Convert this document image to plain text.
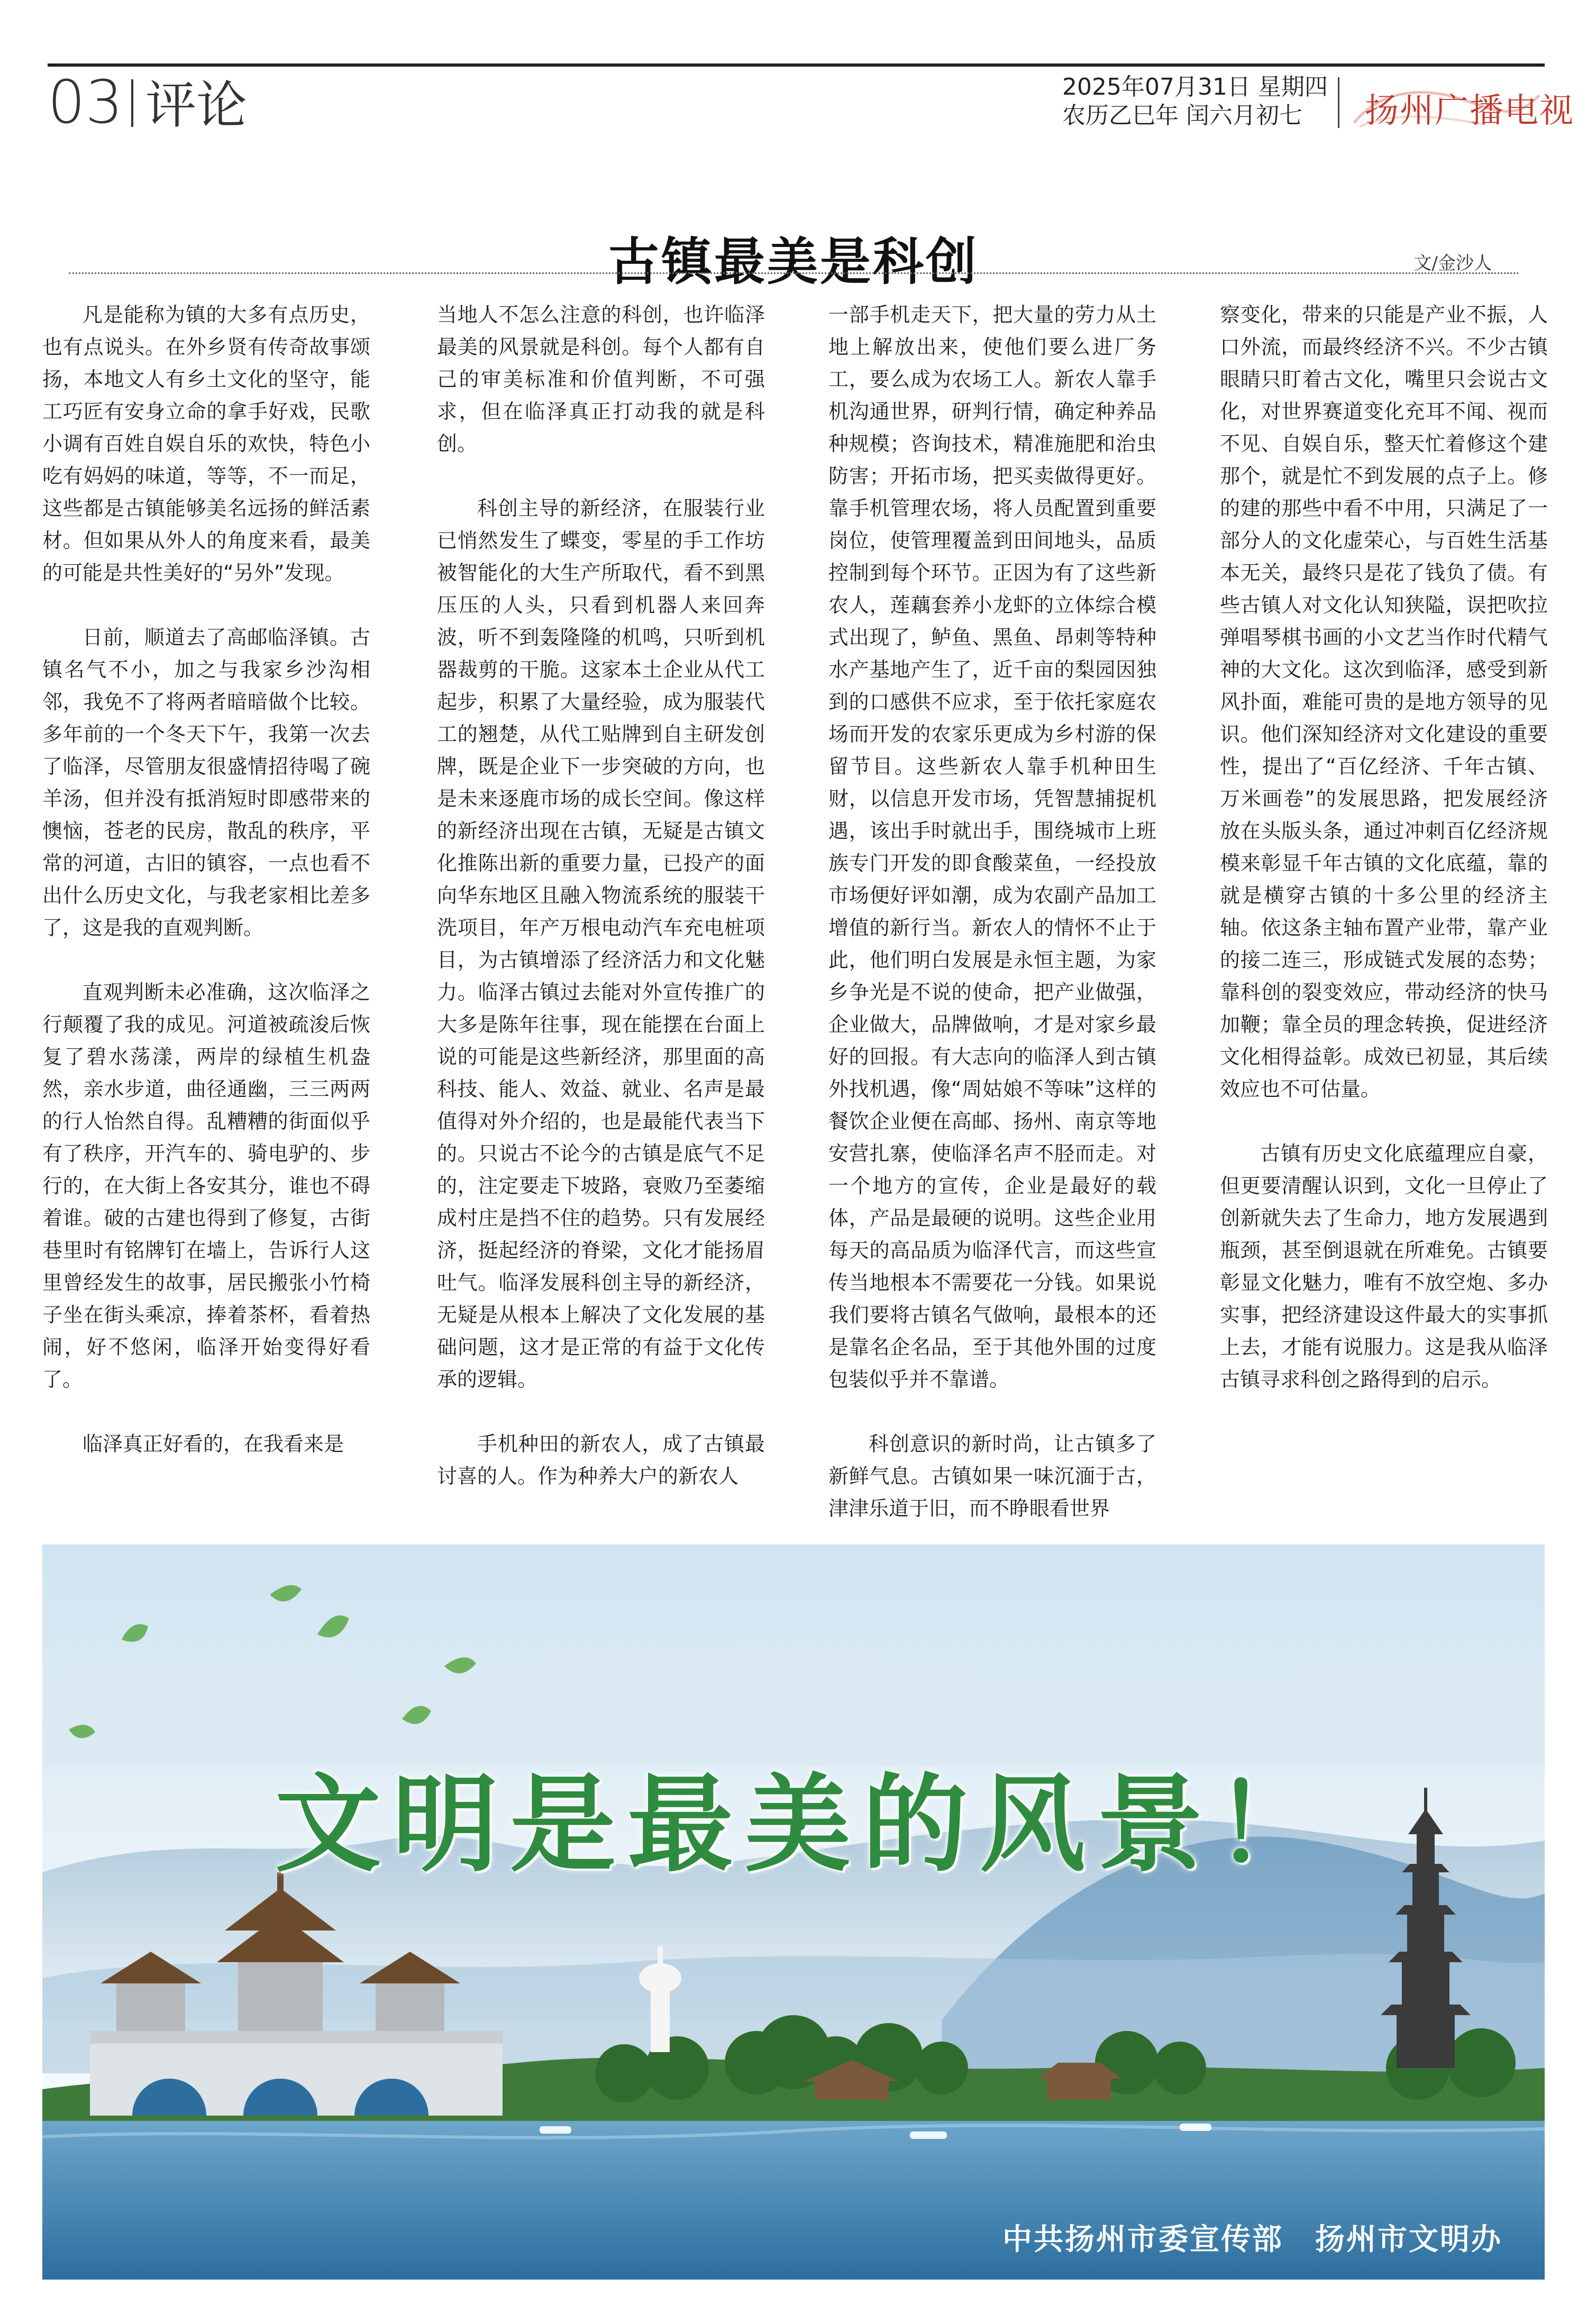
03 评论	2025年07月31日 星期四
农历乙巳年 闰六月初七	扬州广播电视
古镇最美是科创	文/金沙人

凡是能称为镇的大多有点历史，也有点说头。在外乡贤有传奇故事颂扬，本地文人有乡土文化的坚守，能工巧匠有安身立命的拿手好戏，民歌小调有百姓自娱自乐的欢快，特色小吃有妈妈的味道，等等，不一而足，这些都是古镇能够美名远扬的鲜活素材。但如果从外人的角度来看，最美的可能是共性美好的“另外”发现。

日前，顺道去了高邮临泽镇。古镇名气不小，加之与我家乡沙沟相邻，我免不了将两者暗暗做个比较。多年前的一个冬天下午，我第一次去了临泽，尽管朋友很盛情招待喝了碗羊汤，但并没有抵消短时即感带来的懊恼，苍老的民房，散乱的秩序，平常的河道，古旧的镇容，一点也看不出什么历史文化，与我老家相比差多了，这是我的直观判断。

直观判断未必准确，这次临泽之行颠覆了我的成见。河道被疏浚后恢复了碧水荡漾，两岸的绿植生机盎然，亲水步道，曲径通幽，三三两两的行人怡然自得。乱糟糟的街面似乎有了秩序，开汽车的、骑电驴的、步行的，在大街上各安其分，谁也不碍着谁。破的古建也得到了修复，古街巷里时有铭牌钉在墙上，告诉行人这里曾经发生的故事，居民搬张小竹椅子坐在街头乘凉，捧着茶杯，看着热闹，好不悠闲，临泽开始变得好看了。

临泽真正好看的，在我看来是

当地人不怎么注意的科创，也许临泽最美的风景就是科创。每个人都有自己的审美标准和价值判断，不可强求，但在临泽真正打动我的就是科创。

科创主导的新经济，在服装行业已悄然发生了蝶变，零星的手工作坊被智能化的大生产所取代，看不到黑压压的人头，只看到机器人来回奔波，听不到轰隆隆的机鸣，只听到机器裁剪的干脆。这家本土企业从代工起步，积累了大量经验，成为服装代工的翘楚，从代工贴牌到自主研发创牌，既是企业下一步突破的方向，也是未来逐鹿市场的成长空间。像这样的新经济出现在古镇，无疑是古镇文化推陈出新的重要力量，已投产的面向华东地区且融入物流系统的服装干洗项目，年产万根电动汽车充电桩项目，为古镇增添了经济活力和文化魅力。临泽古镇过去能对外宣传推广的大多是陈年往事，现在能摆在台面上说的可能是这些新经济，那里面的高科技、能人、效益、就业、名声是最值得对外介绍的，也是最能代表当下的。只说古不论今的古镇是底气不足的，注定要走下坡路，衰败乃至萎缩成村庄是挡不住的趋势。只有发展经济，挺起经济的脊梁，文化才能扬眉吐气。临泽发展科创主导的新经济，无疑是从根本上解决了文化发展的基础问题，这才是正常的有益于文化传承的逻辑。

手机种田的新农人，成了古镇最讨喜的人。作为种养大户的新农人

一部手机走天下，把大量的劳力从土地上解放出来，使他们要么进厂务工，要么成为农场工人。新农人靠手机沟通世界，研判行情，确定种养品种规模；咨询技术，精准施肥和治虫防害；开拓市场，把买卖做得更好。靠手机管理农场，将人员配置到重要岗位，使管理覆盖到田间地头，品质控制到每个环节。正因为有了这些新农人，莲藕套养小龙虾的立体综合模式出现了，鲈鱼、黑鱼、昂刺等特种水产基地产生了，近千亩的梨园因独到的口感供不应求，至于依托家庭农场而开发的农家乐更成为乡村游的保留节目。这些新农人靠手机种田生财，以信息开发市场，凭智慧捕捉机遇，该出手时就出手，围绕城市上班族专门开发的即食酸菜鱼，一经投放市场便好评如潮，成为农副产品加工增值的新行当。新农人的情怀不止于此，他们明白发展是永恒主题，为家乡争光是不说的使命，把产业做强，企业做大，品牌做响，才是对家乡最好的回报。有大志向的临泽人到古镇外找机遇，像“周姑娘不等味”这样的餐饮企业便在高邮、扬州、南京等地安营扎寨，使临泽名声不胫而走。对一个地方的宣传，企业是最好的载体，产品是最硬的说明。这些企业用每天的高品质为临泽代言，而这些宣传当地根本不需要花一分钱。如果说我们要将古镇名气做响，最根本的还是靠名企名品，至于其他外围的过度包装似乎并不靠谱。

科创意识的新时尚，让古镇多了新鲜气息。古镇如果一味沉湎于古，津津乐道于旧，而不睁眼看世界

察变化，带来的只能是产业不振，人口外流，而最终经济不兴。不少古镇眼睛只盯着古文化，嘴里只会说古文化，对世界赛道变化充耳不闻、视而不见、自娱自乐，整天忙着修这个建那个，就是忙不到发展的点子上。修的建的那些中看不中用，只满足了一部分人的文化虚荣心，与百姓生活基本无关，最终只是花了钱负了债。有些古镇人对文化认知狭隘，误把吹拉弹唱琴棋书画的小文艺当作时代精气神的大文化。这次到临泽，感受到新风扑面，难能可贵的是地方领导的见识。他们深知经济对文化建设的重要性，提出了“百亿经济、千年古镇、万米画卷”的发展思路，把发展经济放在头版头条，通过冲刺百亿经济规模来彰显千年古镇的文化底蕴，靠的就是横穿古镇的十多公里的经济主轴。依这条主轴布置产业带，靠产业的接二连三，形成链式发展的态势；靠科创的裂变效应，带动经济的快马加鞭；靠全员的理念转换，促进经济文化相得益彰。成效已初显，其后续效应也不可估量。

古镇有历史文化底蕴理应自豪，但更要清醒认识到，文化一旦停止了创新就失去了生命力，地方发展遇到瓶颈，甚至倒退就在所难免。古镇要彰显文化魅力，唯有不放空炮、多办实事，把经济建设这件最大的实事抓上去，才能有说服力。这是我从临泽古镇寻求科创之路得到的启示。

文明是最美的风景！
中共扬州市委宣传部 扬州市文明办
